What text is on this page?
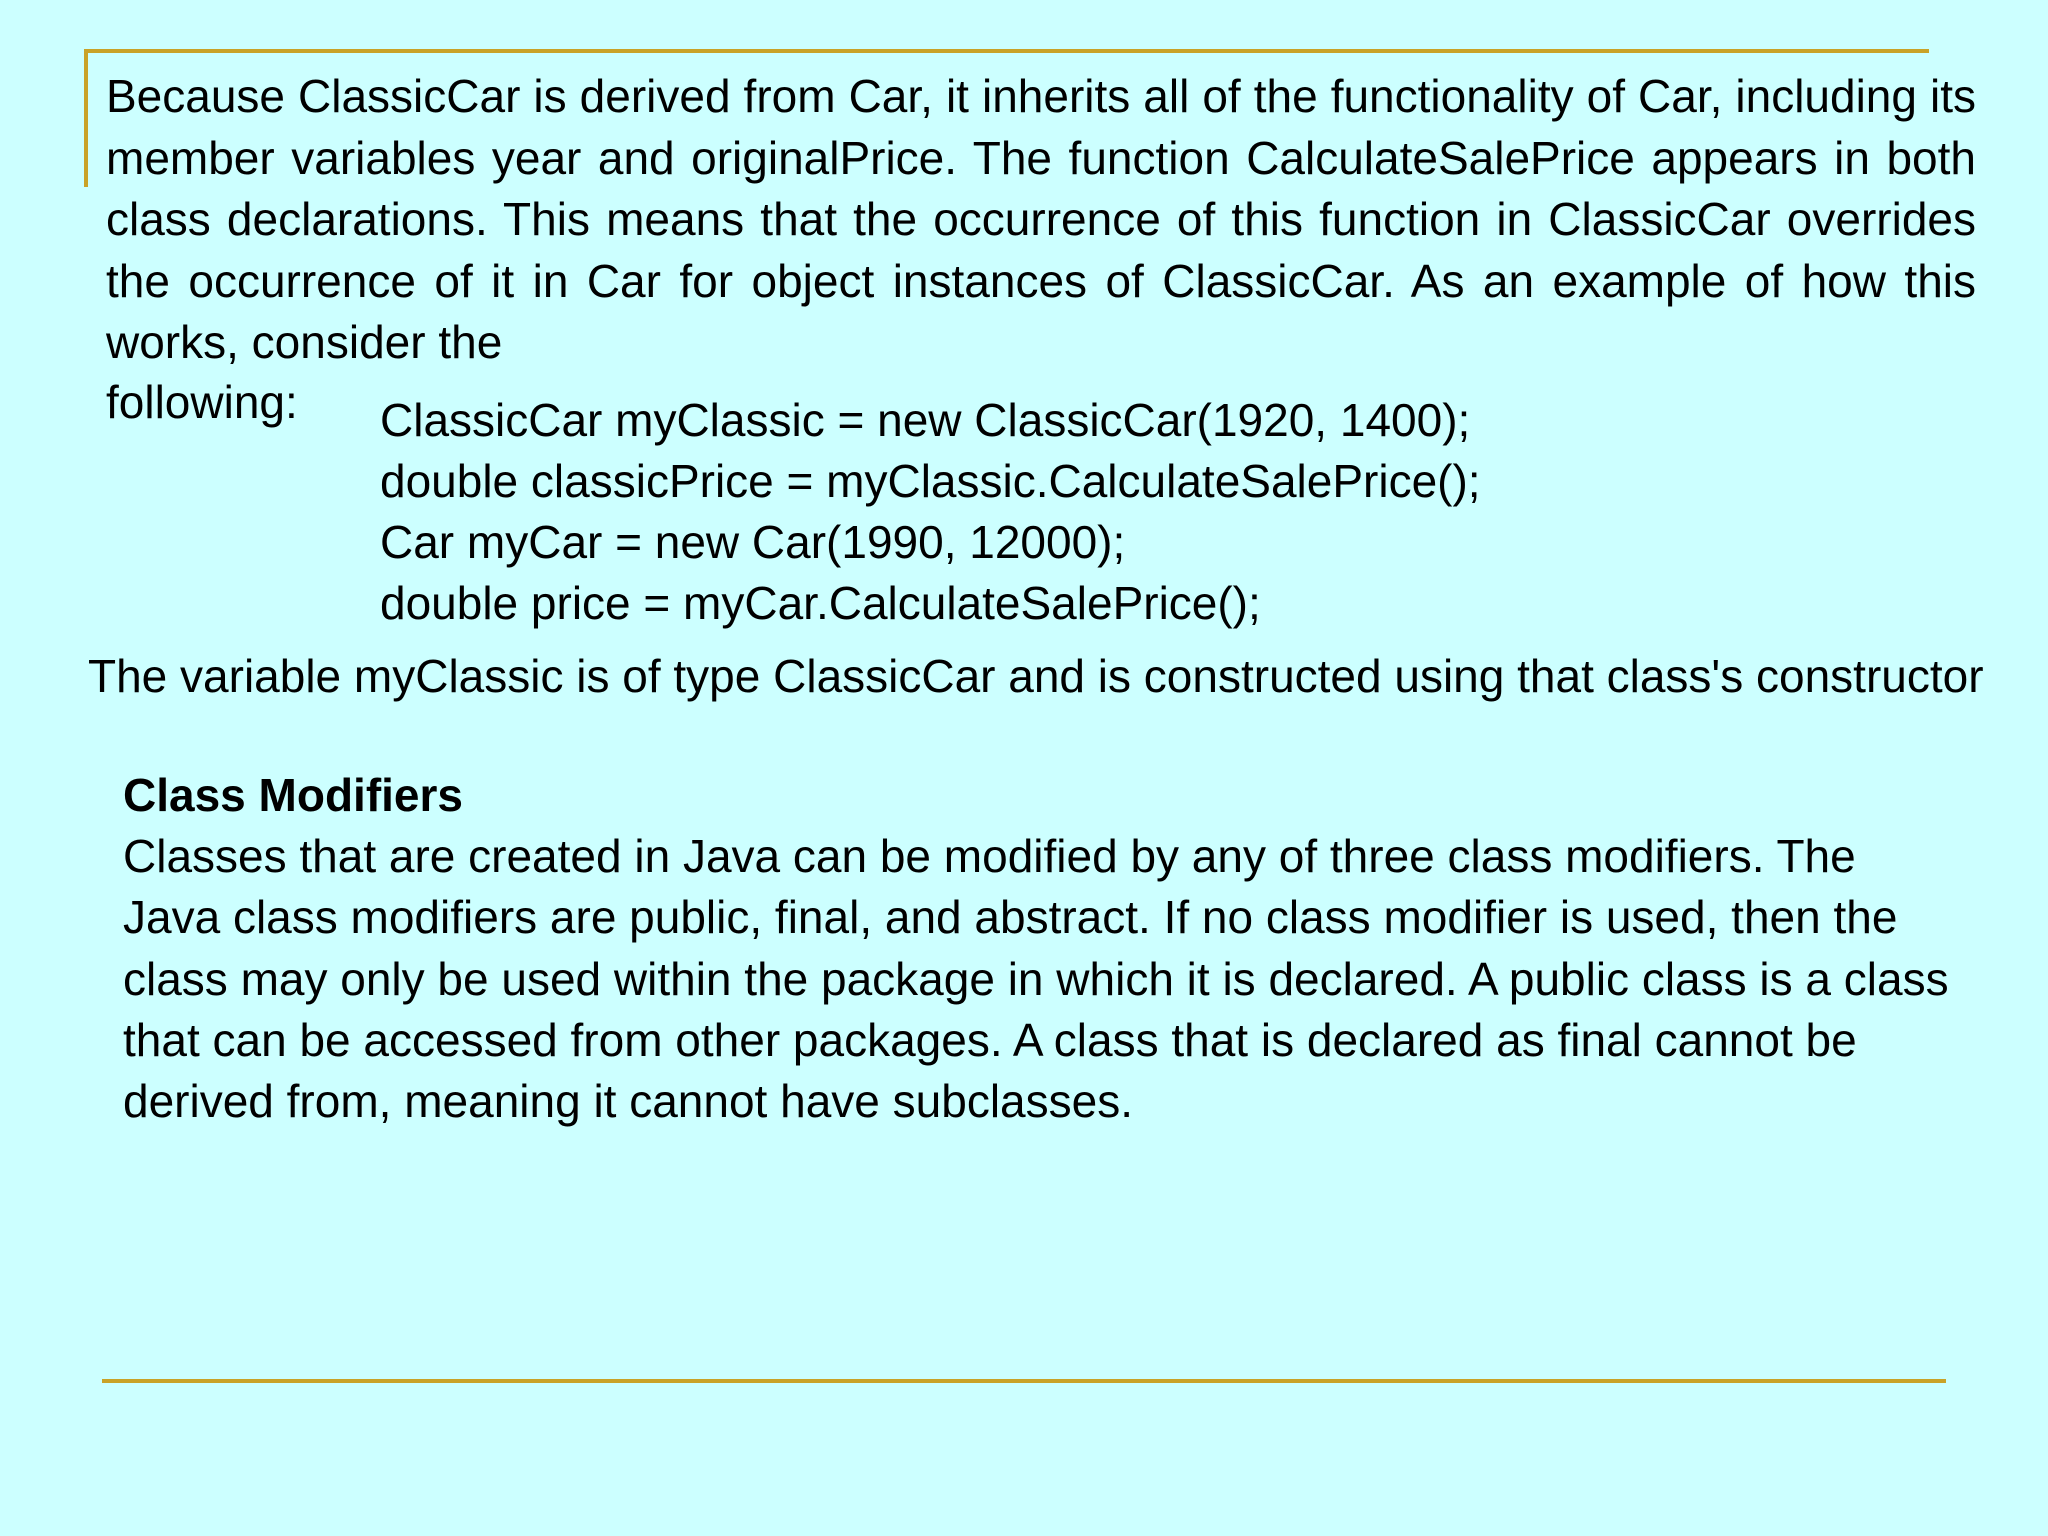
Because ClassicCar is derived from Car, it inherits all of the functionality of Car, including its member variables year and originalPrice. The function CalculateSalePrice appears in both class declarations. This means that the occurrence of this function in ClassicCar overrides the occurrence of it in Car for object instances of ClassicCar. As an example of how this works, consider the

following: ClassicCar myClassic = new ClassicCar(1920, 1400);
double classicPrice = myClassic.CalculateSalePrice();
Car myCar = new Car(1990, 12000);
double price = myCar.CalculateSalePrice();

The variable myClassic is of type ClassicCar and is constructed using that class's constructor

Class Modifiers

Classes that are created in Java can be modified by any of three class modifiers. The Java class modifiers are public, final, and abstract. If no class modifier is used, then the class may only be used within the package in which it is declared. A public class is a class that can be accessed from other packages. A class that is declared as final cannot be derived from, meaning it cannot have subclasses.
